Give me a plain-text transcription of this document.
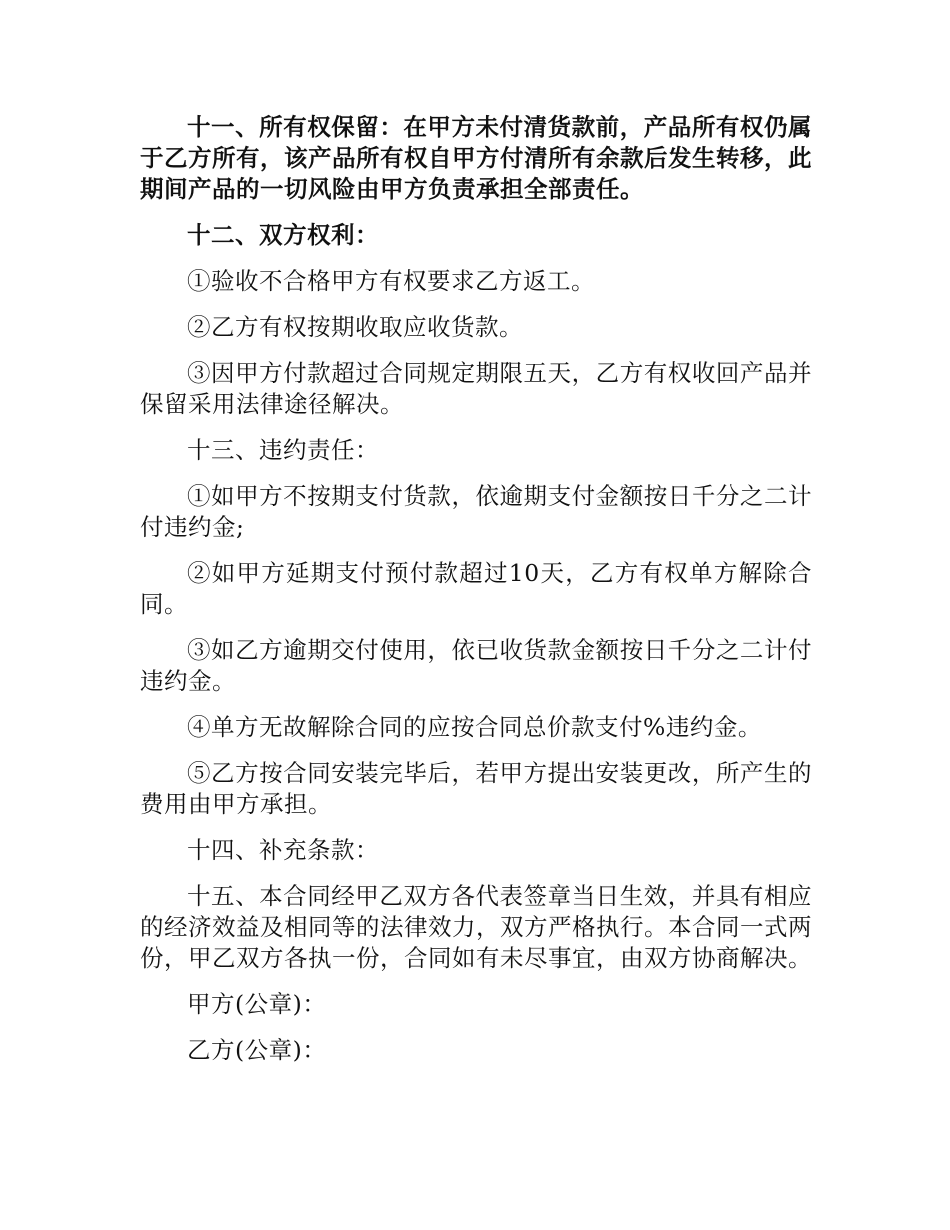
十一、所有权保留：在甲方未付清货款前，产品所有权仍属于乙方所有，该产品所有权自甲方付清所有余款后发生转移，此期间产品的一切风险由甲方负责承担全部责任。

十二、双方权利：

①验收不合格甲方有权要求乙方返工。

②乙方有权按期收取应收货款。

③因甲方付款超过合同规定期限五天，乙方有权收回产品并保留采用法律途径解决。

十三、违约责任：

①如甲方不按期支付货款，依逾期支付金额按日千分之二计付违约金;

②如甲方延期支付预付款超过10天，乙方有权单方解除合同。

③如乙方逾期交付使用，依已收货款金额按日千分之二计付违约金。

④单方无故解除合同的应按合同总价款支付%违约金。

⑤乙方按合同安装完毕后，若甲方提出安装更改，所产生的费用由甲方承担。

十四、补充条款：

十五、本合同经甲乙双方各代表签章当日生效，并具有相应的经济效益及相同等的法律效力，双方严格执行。本合同一式两份，甲乙双方各执一份，合同如有未尽事宜，由双方协商解决。

甲方(公章)：

乙方(公章)：
